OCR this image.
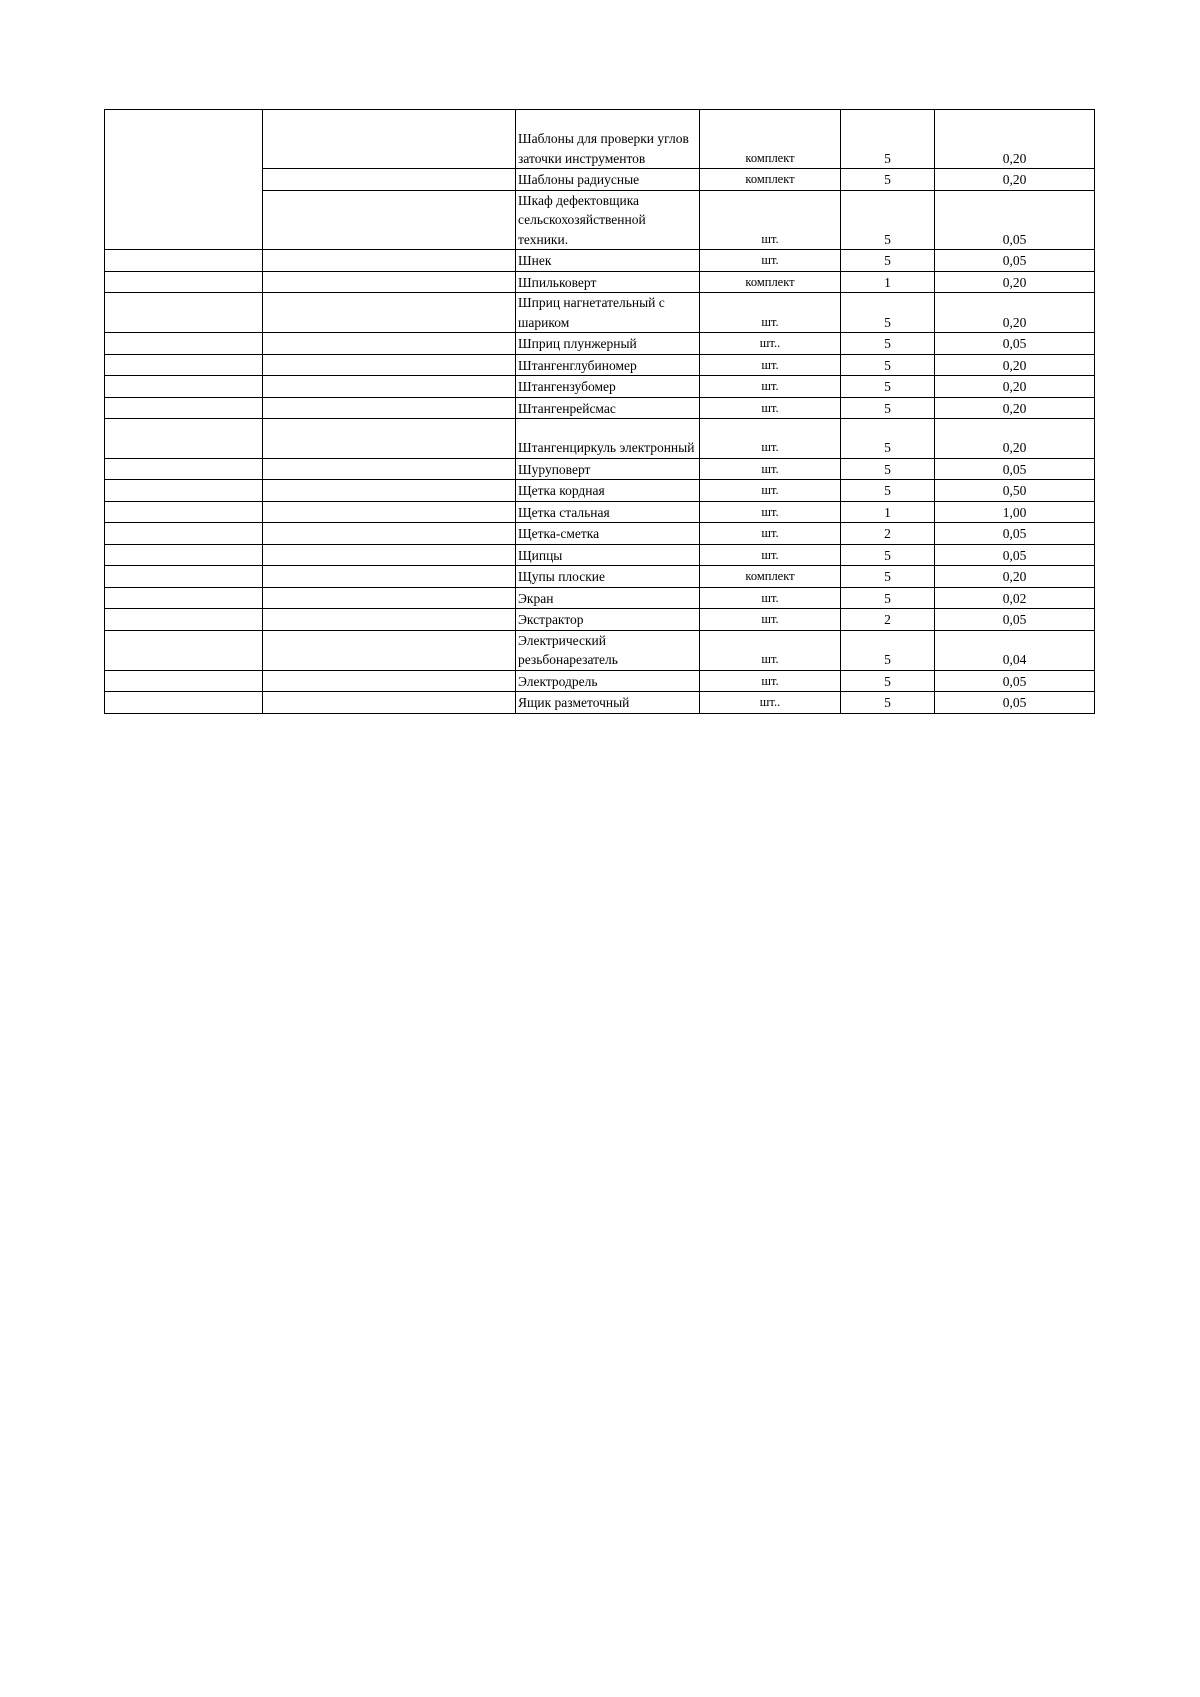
		Шаблоны для проверки углов заточки инструментов	комплект	5	0,20
		Шаблоны радиусные	комплект	5	0,20
		Шкаф дефектовщика сельскохозяйственной техники.	шт.	5	0,05
		Шнек	шт.	5	0,05
		Шпильковерт	комплект	1	0,20
		Шприц нагнетательный с шариком	шт.	5	0,20
		Шприц плунжерный	шт..	5	0,05
		Штангенглубиномер	шт.	5	0,20
		Штангензубомер	шт.	5	0,20
		Штангенрейсмас	шт.	5	0,20
		Штангенциркуль электронный	шт.	5	0,20
		Шуруповерт	шт.	5	0,05
		Щетка кордная	шт.	5	0,50
		Щетка стальная	шт.	1	1,00
		Щетка-сметка	шт.	2	0,05
		Щипцы	шт.	5	0,05
		Щупы плоские	комплект	5	0,20
		Экран	шт.	5	0,02
		Экстрактор	шт.	2	0,05
		Электрический резьбонарезатель	шт.	5	0,04
		Электродрель	шт.	5	0,05
		Ящик разметочный	шт..	5	0,05
